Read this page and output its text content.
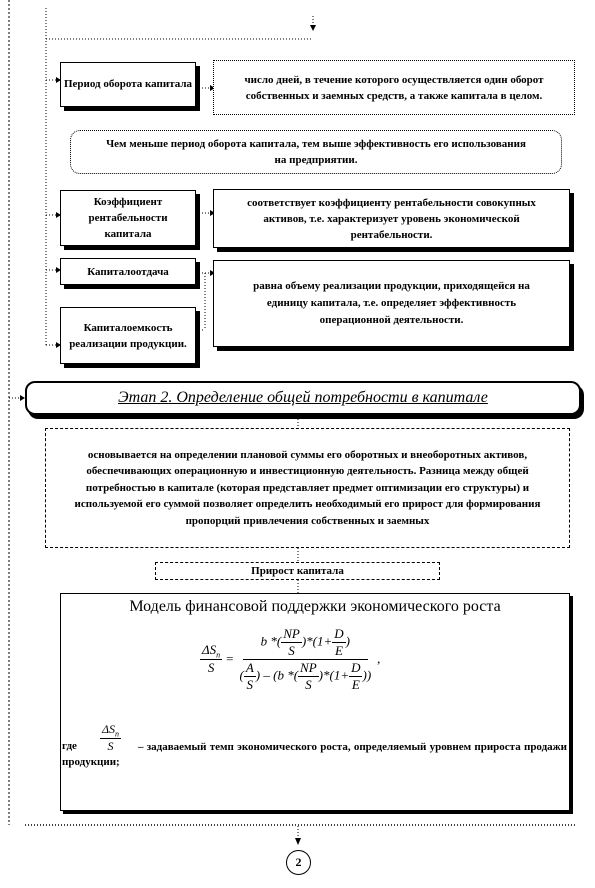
Период оборота капитала	число дней, в течение которого осуществляется один оборот собственных и заемных средств, а также капитала в целом.
Чем меньше период оборота капитала, тем выше эффективность его использования на предприятии.
Коэффициент рентабельности капитала
соответствует коэффициенту рентабельности совокупных активов, т.е. характеризует уровень экономической рентабельности.
Капиталоотдача
равна объему реализации продукции, приходящейся на единицу капитала, т.е. определяет эффективность операционной деятельности.
Капиталоемкость реализации продукции.
Этап 2. Определение общей потребности в капитале
основывается на определении плановой суммы его оборотных и внеоборотных активов, обеспечивающих операционную и инвестиционную деятельность. Разница между общей потребностью в капитале (которая представляет предмет оптимизации его структуры) и используемой его суммой позволяет определить необходимый его прирост для формирования пропорций привлечения собственных и заемных
Прирост капитала
Модель финансовой поддержки экономического роста
$\frac{\Delta S_п}{S} = \frac{b *( \frac{NP}{S} )*(1+ \frac{D}{E} )}{( \frac{A}{S} ) - (b *( \frac{NP}{S} )*(1+ \frac{D}{E} ))}$ ,
где $\frac{\Delta S_п}{S}$	– задаваемый темп экономического роста, определяемый уровнем прироста продажи продукции;
2
